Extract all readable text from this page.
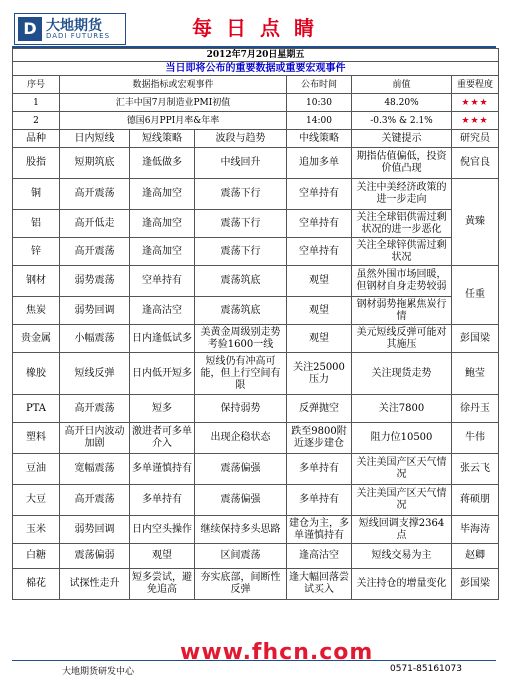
D 大地期货
DADI FUTURES	每日点睛
2012年7月20日星期五						
当日即将公布的重要数据或重要宏观事件						
序号	数据指标或宏观事件			公布时间	前值	重要程度
1	汇丰中国7月制造业PMI初值			10:30	48.20%	★★★
2	德国6月PPI月率&年率			14:00	-0.3% & 2.1%	★★★
品种	日内短线	短线策略	波段与趋势	中线策略	关键提示	研究员
股指	短期筑底	逢低做多	中线回升	追加多单	期指估值偏低，投资价值凸现	倪官良
铜	高开震荡	逢高加空	震荡下行	空单持有	关注中美经济政策的进一步走向	黄臻
铝	高开低走	逢高加空	震荡下行	空单持有	关注全球铝供需过剩状况的进一步恶化	
锌	高开震荡	逢高加空	震荡下行	空单持有	关注全球锌供需过剩状况	
钢材	弱势震荡	空单持有	震荡筑底	观望	虽然外围市场回暖，但钢材自身走势较弱	任重
焦炭	弱势回调	逢高沽空	震荡筑底	观望	钢材弱势拖累焦炭行情	
贵金属	小幅震荡	日内逢低试多	美黄金周级别走势考验1600一线	观望	美元短线反弹可能对其施压	彭国梁
橡胶	短线反弹	日内低开短多	短线仍有冲高可能，但上行空间有限	关注25000压力	关注现货走势	鲍莹
PTA	高开震荡	短多	保持弱势	反弹抛空	关注7800	徐丹玉
塑料	高开日内波动加剧	激进者可多单介入	出现企稳状态	跌至9800附近逐步建仓	阻力位10500	牛伟
豆油	宽幅震荡	多单谨慎持有	震荡偏强	多单持有	关注美国产区天气情况	张云飞
大豆	高开震荡	多单持有	震荡偏强	多单持有	关注美国产区天气情况	蒋硕朋
玉米	弱势回调	日内空头操作	继续保持多头思路	建仓为主，多单谨慎持有	短线回调支撑2364点	毕海涛
白糖	震荡偏弱	观望	区间震荡	逢高沽空	短线交易为主	赵卿
棉花	试探性走升	短多尝试，避免追高	夯实底部，间断性反弹	逢大幅回落尝试买入	关注持仓的增量变化	彭国梁
www.fhcn.com
大地期货研发中心	0571-85161073
